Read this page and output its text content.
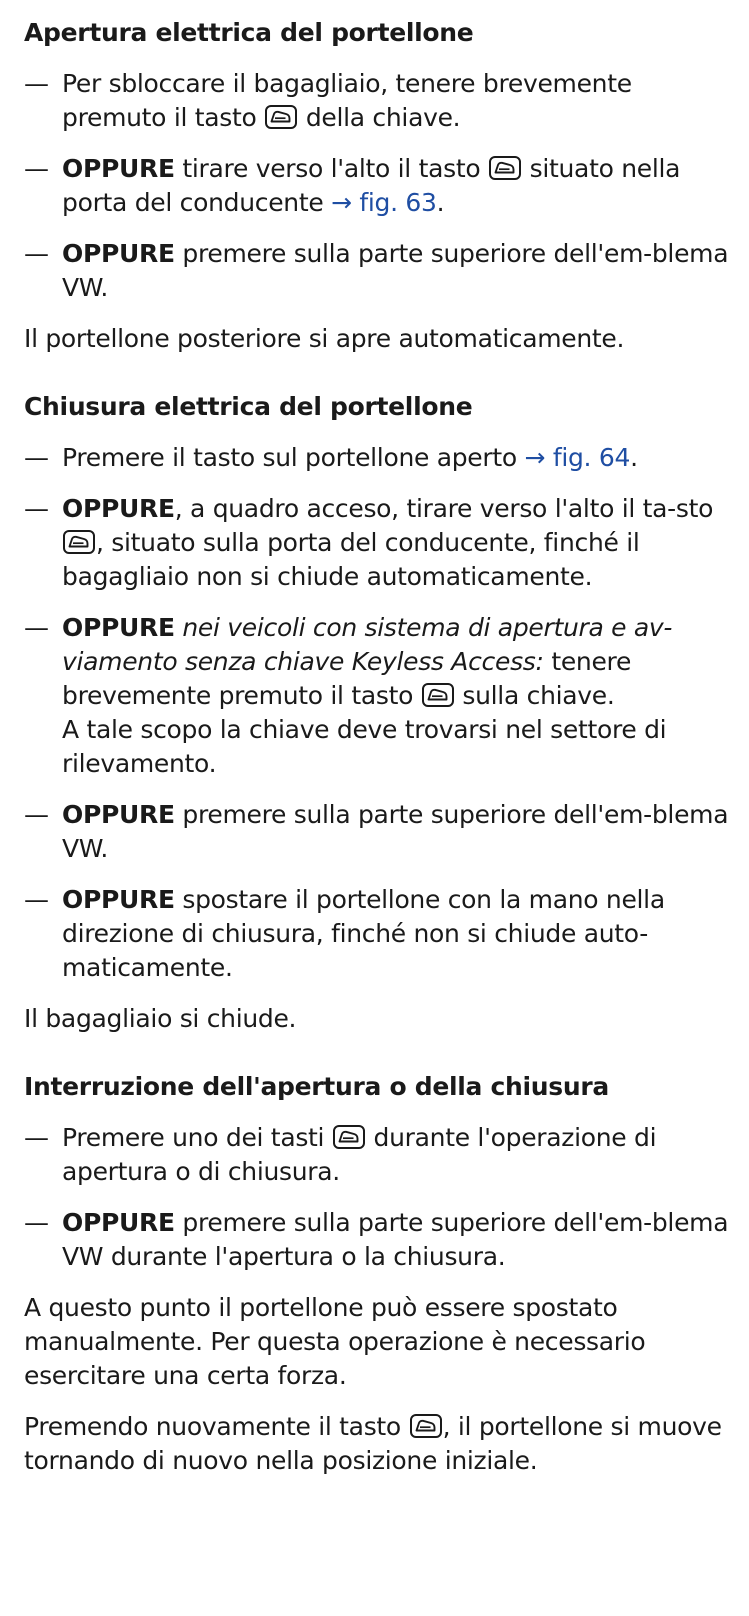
Apertura elettrica del portellone
— Per sbloccare il bagagliaio, tenere brevemente premuto il tasto della chiave.
— OPPURE tirare verso l'alto il tasto situato nella porta del conducente → fig. 63.
— OPPURE premere sulla parte superiore dell'em-blema VW.

Il portellone posteriore si apre automaticamente.

Chiusura elettrica del portellone
— Premere il tasto sul portellone aperto → fig. 64.
— OPPURE, a quadro acceso, tirare verso l'alto il ta-sto
, situato sulla porta del conducente, finché il bagagliaio non si chiude automaticamente.
— OPPURE nei veicoli con sistema di apertura e av-viamento senza chiave Keyless Access: tenere brevemente premuto il tasto sulla chiave.
A tale scopo la chiave deve trovarsi nel settore di rilevamento.
— OPPURE premere sulla parte superiore dell'em-blema VW.
— OPPURE spostare il portellone con la mano nella direzione di chiusura, finché non si chiude auto-maticamente.

Il bagagliaio si chiude.

Interruzione dell'apertura o della chiusura
— Premere uno dei tasti durante l'operazione di apertura o di chiusura.
— OPPURE premere sulla parte superiore dell'em-blema VW durante l'apertura o la chiusura.

A questo punto il portellone può essere spostato manualmente. Per questa operazione è necessario esercitare una certa forza.

Premendo nuovamente il tasto , il portellone si muove tornando di nuovo nella posizione iniziale.
